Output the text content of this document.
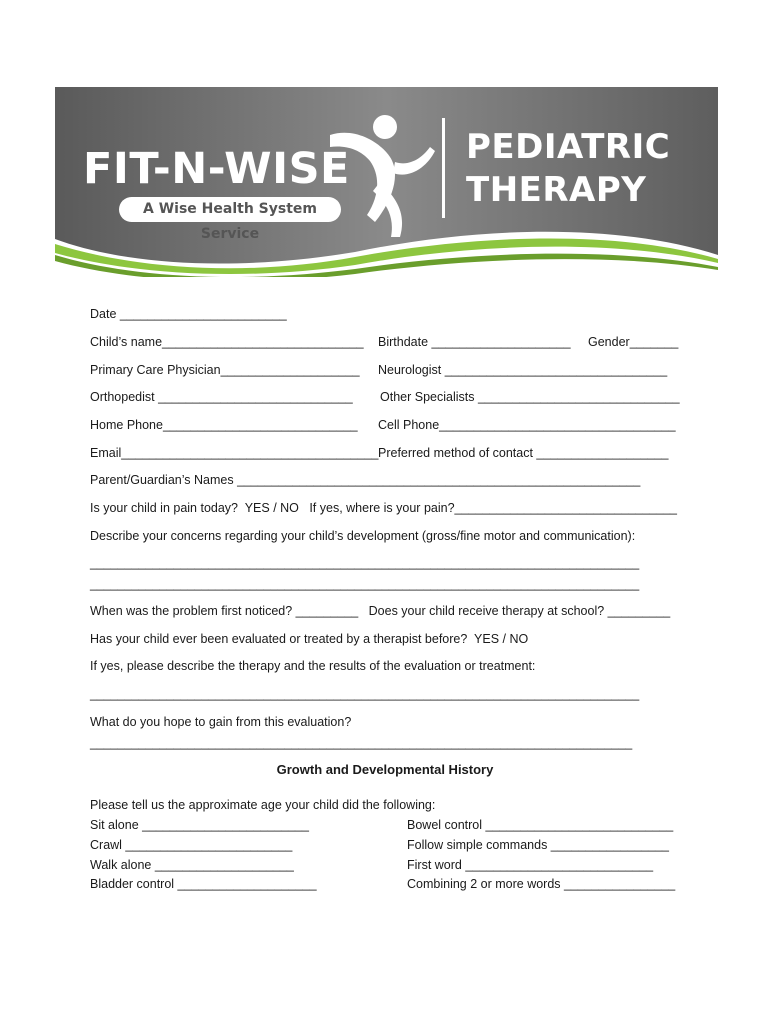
FIT-N-WISE
A Wise Health System Service
PEDIATRIC
THERAPY
Date ________________________
Child’s name_____________________________ Birthdate ____________________ Gender_______
Primary Care Physician____________________ Neurologist ________________________________
Orthopedist ____________________________ Other Specialists _____________________________
Home Phone____________________________ Cell Phone__________________________________
Email_____________________________________ Preferred method of contact ___________________
Parent/Guardian’s Names __________________________________________________________
Is your child in pain today?  YES / NO   If yes, where is your pain?________________________________
Describe your concerns regarding your child’s development (gross/fine motor and communication):
_______________________________________________________________________________
_______________________________________________________________________________
When was the problem first noticed? _________   Does your child receive therapy at school? _________
Has your child ever been evaluated or treated by a therapist before?  YES / NO
If yes, please describe the therapy and the results of the evaluation or treatment:
_______________________________________________________________________________
What do you hope to gain from this evaluation?
______________________________________________________________________________
Growth and Developmental History
Please tell us the approximate age your child did the following:
Sit alone ________________________
Crawl ________________________
Walk alone ____________________
Bladder control ____________________
Bowel control ___________________________
Follow simple commands _________________
First word ___________________________
Combining 2 or more words ________________
